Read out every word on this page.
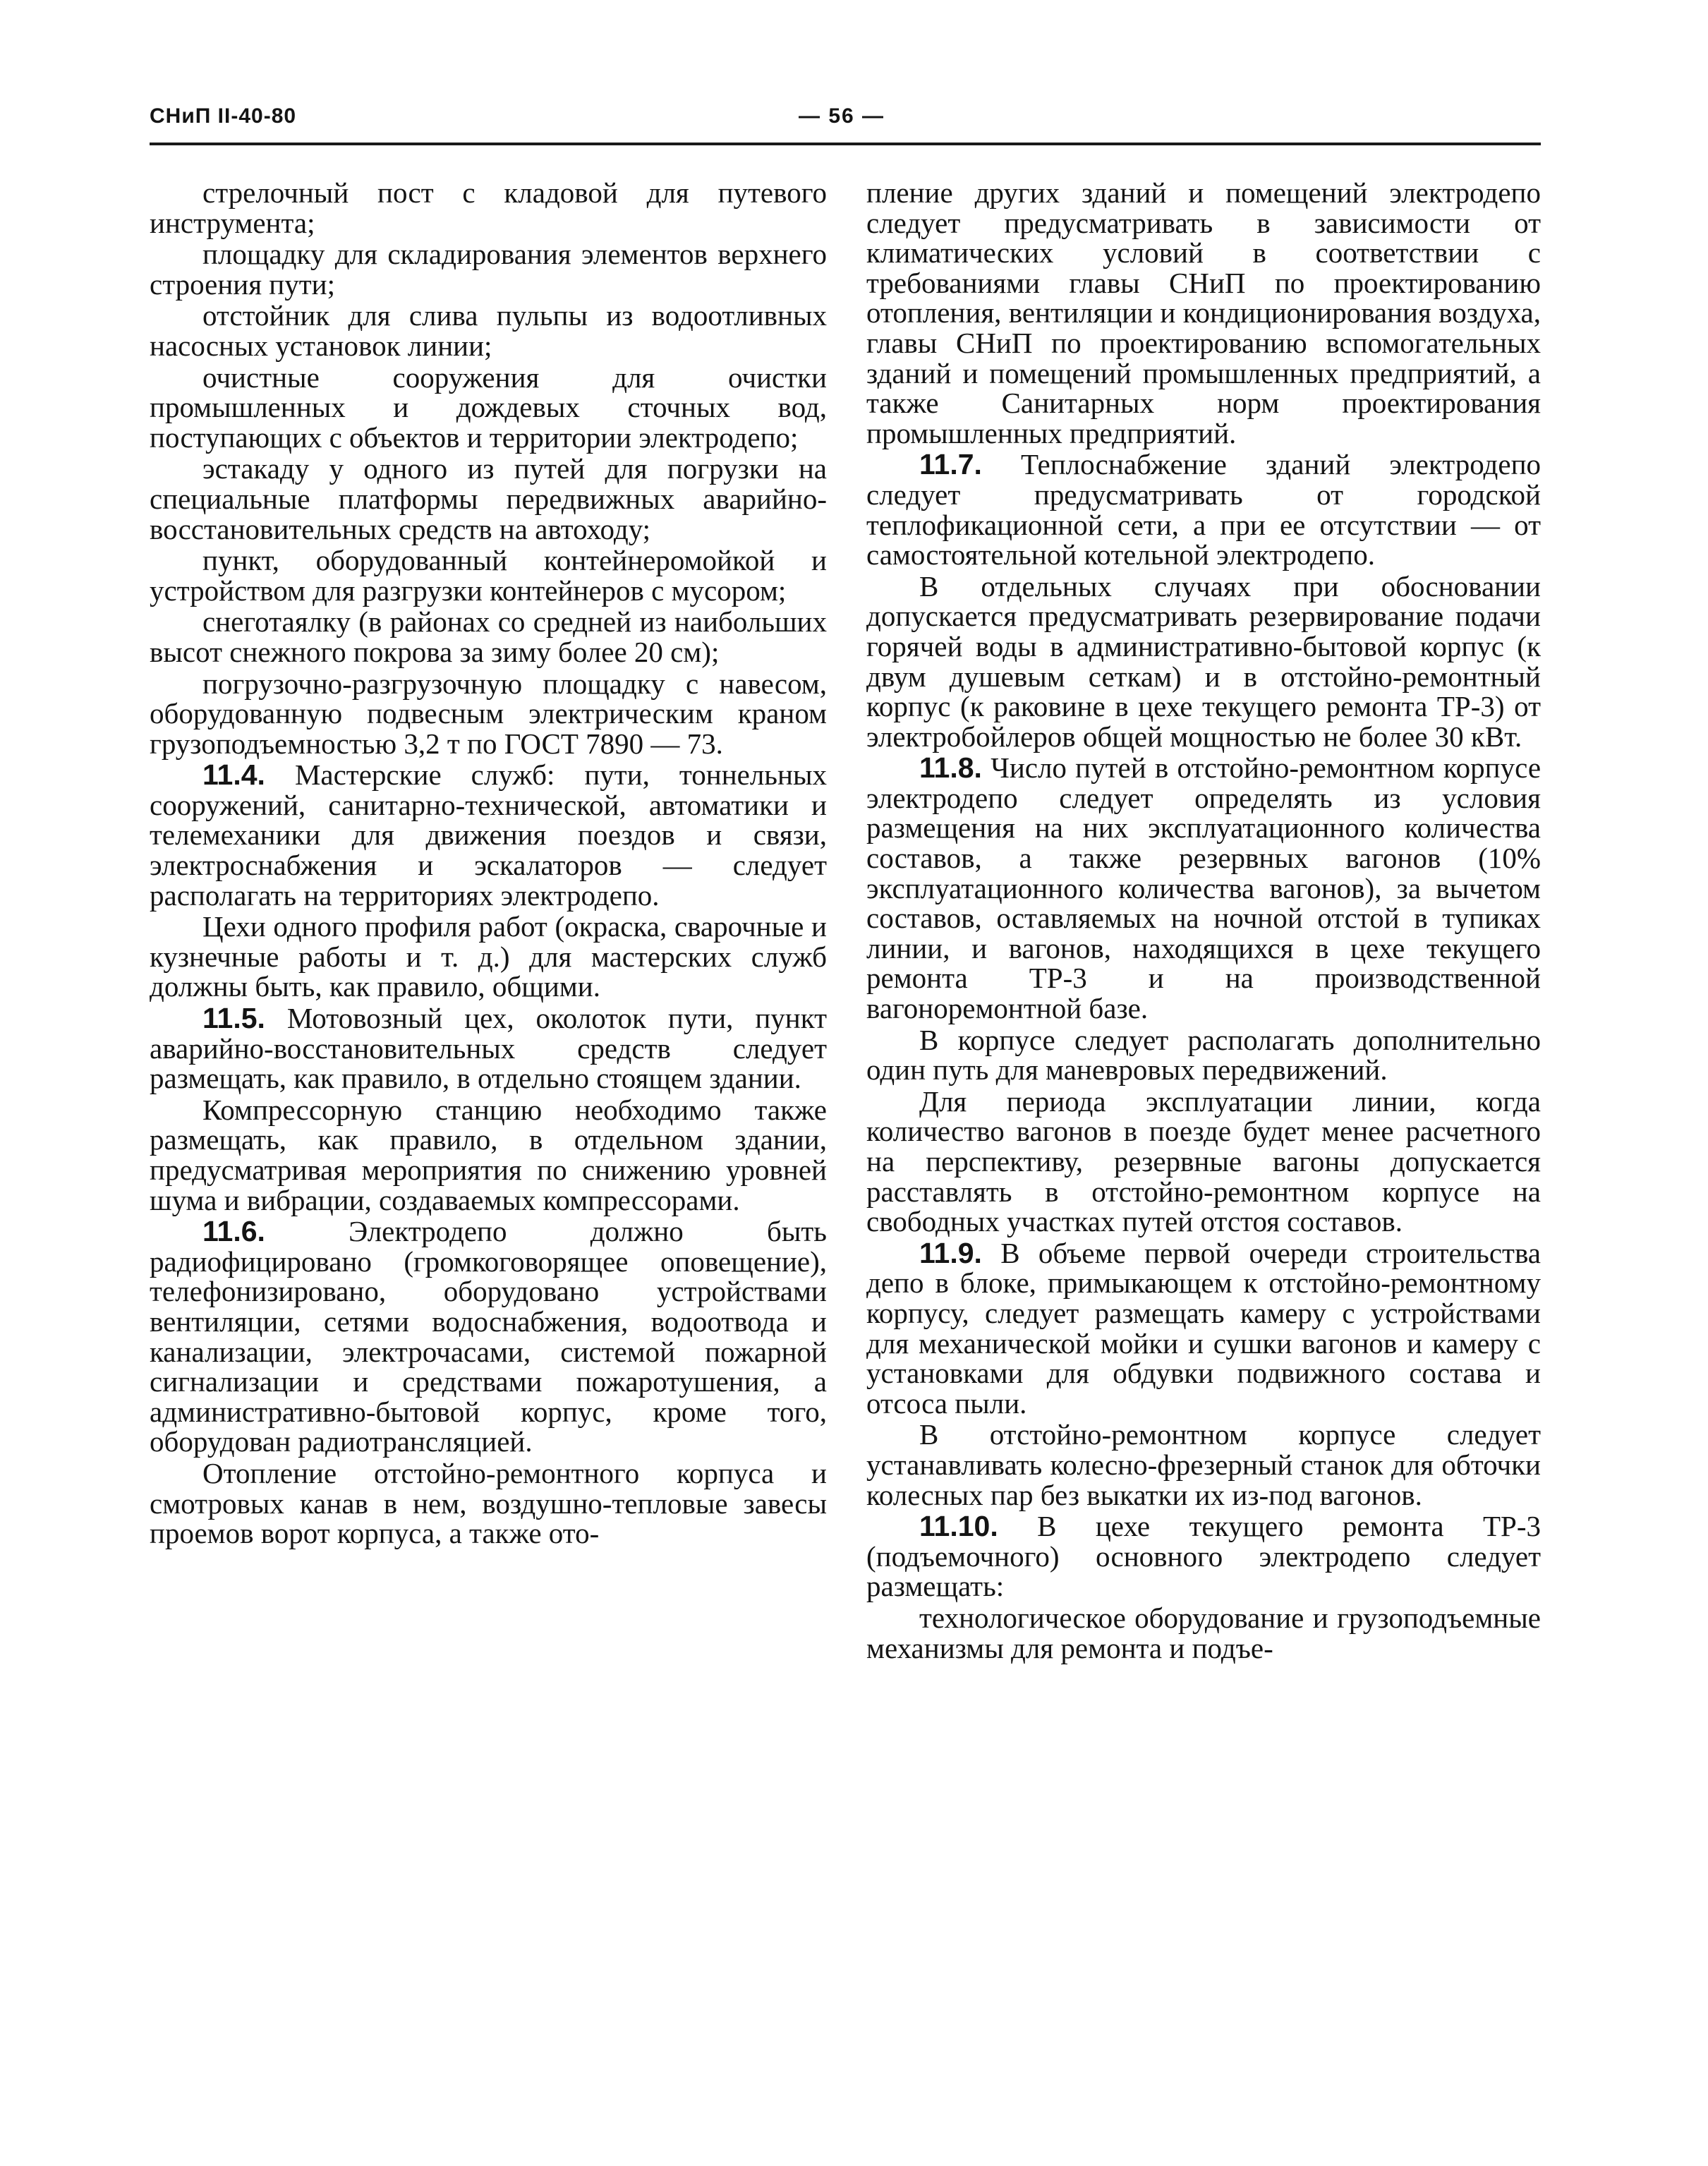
СНиП II-40-80	— 56 —

стрелочный пост с кладовой для путевого инструмента;

площадку для складирования элементов верхнего строения пути;

отстойник для слива пульпы из водоотливных насосных установок линии;

очистные сооружения для очистки промышленных и дождевых сточных вод, поступающих с объектов и территории электродепо;

эстакаду у одного из путей для погрузки на специальные платформы передвижных аварийно-восстановительных средств на автоходу;

пункт, оборудованный контейнеромойкой и устройством для разгрузки контейнеров с мусором;

снеготаялку (в районах со средней из наибольших высот снежного покрова за зиму более 20 см);

погрузочно-разгрузочную площадку с навесом, оборудованную подвесным электрическим краном грузоподъемностью 3,2 т по ГОСТ 7890 — 73.

11.4. Мастерские служб: пути, тоннельных сооружений, санитарно-технической, автоматики и телемеханики для движения поездов и связи, электроснабжения и эскалаторов — следует располагать на территориях электродепо.

Цехи одного профиля работ (окраска, сварочные и кузнечные работы и т. д.) для мастерских служб должны быть, как правило, общими.

11.5. Мотовозный цех, околоток пути, пункт аварийно-восстановительных средств следует размещать, как правило, в отдельно стоящем здании.

Компрессорную станцию необходимо также размещать, как правило, в отдельном здании, предусматривая мероприятия по снижению уровней шума и вибрации, создаваемых компрессорами.

11.6.	Электродепо должно быть радиофицировано (громкоговорящее оповещение), телефонизировано, оборудовано устройствами вентиляции, сетями водоснабжения, водоотвода и канализации, электрочасами, системой пожарной сигнализации и средствами пожаротушения, а административно-бытовой корпус, кроме того, оборудован радиотрансляцией.

Отопление отстойно-ремонтного корпуса и смотровых канав в нем, воздушно-тепловые завесы проемов ворот корпуса, а также ото-

пление других зданий и помещений электродепо следует предусматривать в зависимости от климатических условий в соответствии с требованиями главы СНиП по проектированию отопления, вентиляции и кондиционирования воздуха, главы СНиП по проектированию вспомогательных зданий и помещений промышленных предприятий, а также Санитарных норм проектирования промышленных предприятий.

11.7. Теплоснабжение зданий электродепо следует предусматривать от городской теплофикационной сети, а при ее отсутствии — от самостоятельной котельной электродепо.

В отдельных случаях при обосновании допускается предусматривать резервирование подачи горячей воды в административно-бытовой корпус (к двум душевым сеткам) и в отстойно-ремонтный корпус (к раковине в цехе текущего ремонта ТР-3) от электробойлеров общей мощностью не более 30 кВт.

11.8. Число путей в отстойно-ремонтном корпусе электродепо следует определять из условия размещения на них эксплуатационного количества составов, а также резервных вагонов (10% эксплуатационного количества вагонов), за вычетом составов, оставляемых на ночной отстой в тупиках линии, и вагонов, находящихся в цехе текущего ремонта ТР-3 и на производственной вагоноремонтной базе.

В корпусе следует располагать дополнительно один путь для маневровых передвижений.

Для периода эксплуатации линии, когда количество вагонов в поезде будет менее расчетного на перспективу, резервные вагоны допускается расставлять в отстойно-ремонтном корпусе на свободных участках путей отстоя составов.

11.9. В объеме первой очереди строительства депо в блоке, примыкающем к отстойно-ремонтному корпусу, следует размещать камеру с устройствами для механической мойки и сушки вагонов и камеру с установками для обдувки подвижного состава и отсоса пыли.

В отстойно-ремонтном корпусе следует устанавливать колесно-фрезерный станок для обточки колесных пар без выкатки их из-под вагонов.

11.10. В цехе текущего ремонта ТР-3 (подъемочного) основного электродепо следует размещать:

технологическое оборудование и грузоподъемные механизмы для ремонта и подъе-
